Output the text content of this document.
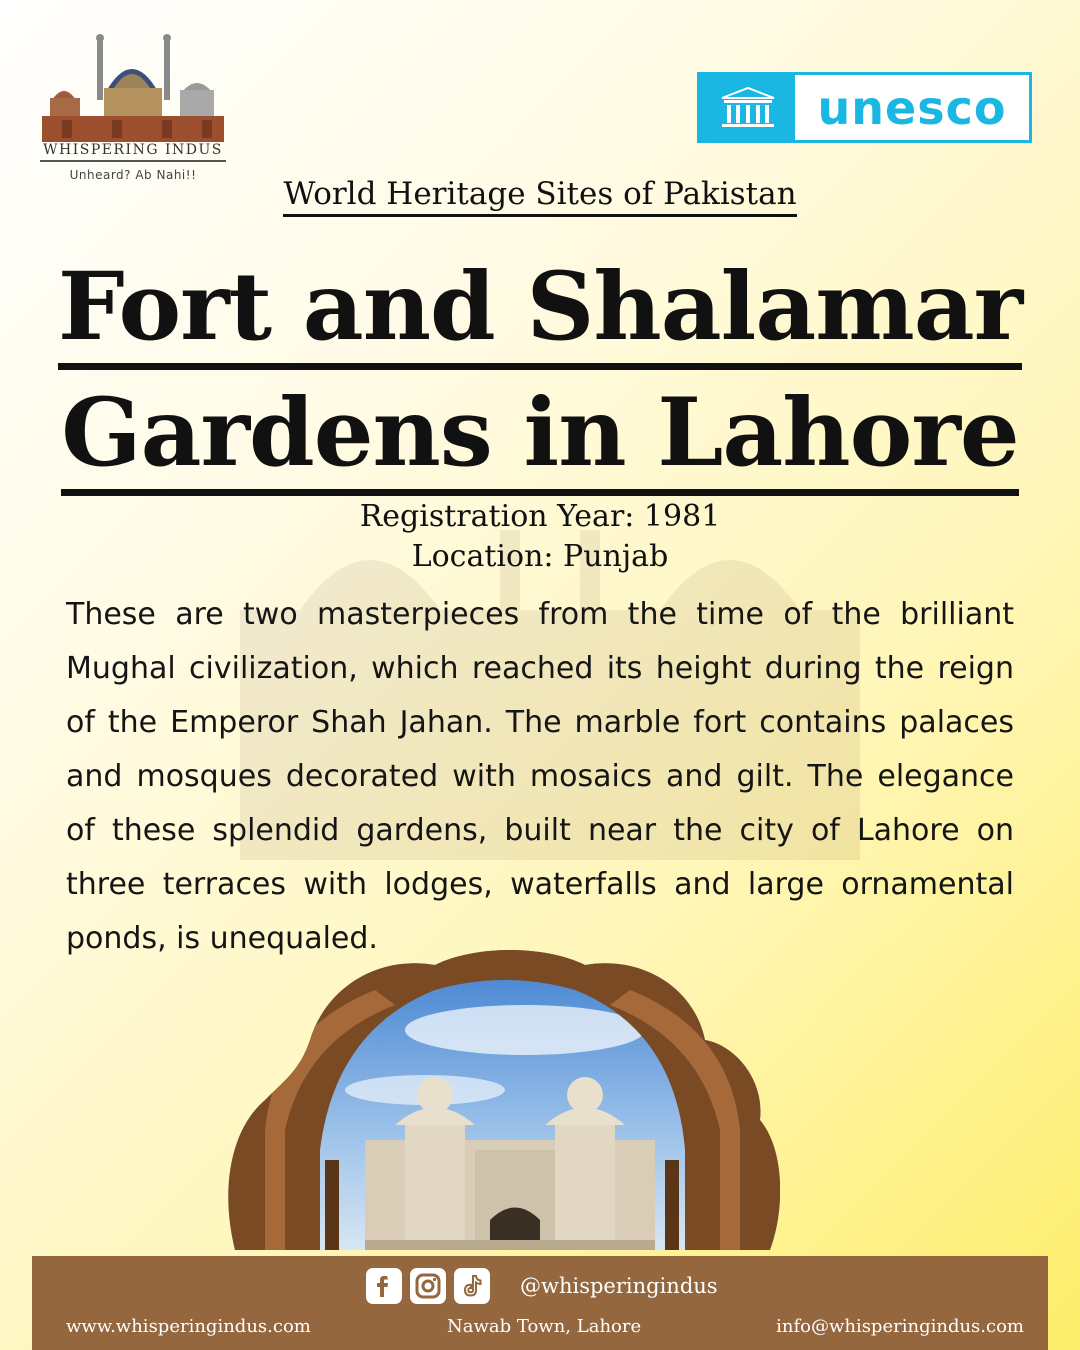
WHISPERING INDUS
Unheard? Ab Nahi!!
unesco
World Heritage Sites of Pakistan
Fort and Shalamar
Gardens in Lahore
Registration Year: 1981
Location: Punjab
These are two masterpieces from the time of the brilliant Mughal civilization, which reached its height during the reign of the Emperor Shah Jahan. The marble fort contains palaces and mosques decorated with mosaics and gilt. The elegance of these splendid gardens, built near the city of Lahore on three terraces with lodges, waterfalls and large ornamental ponds, is unequaled.
@whisperingindus
www.whisperingindus.com	Nawab Town, Lahore	info@whisperingindus.com
